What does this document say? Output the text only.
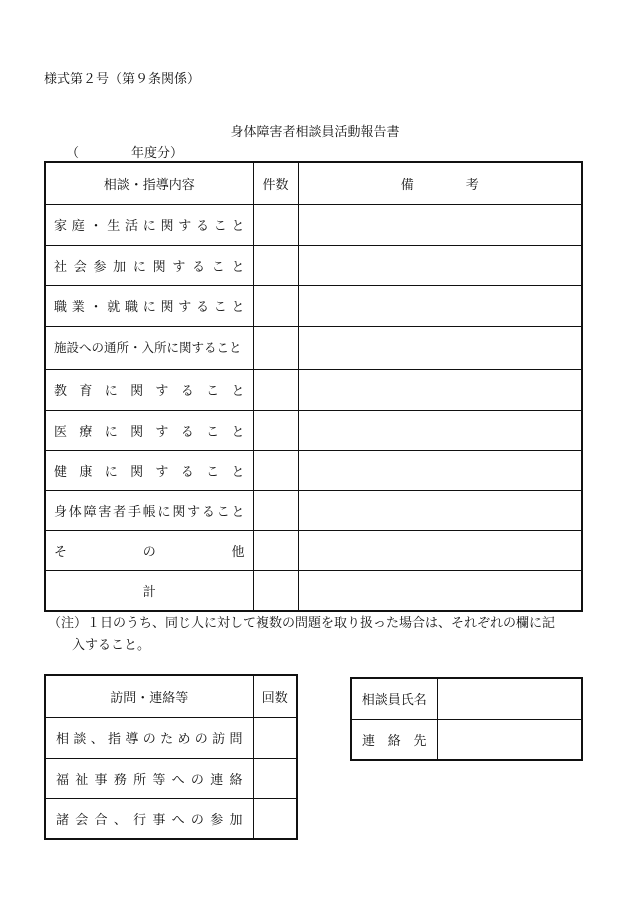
様式第２号（第９条関係）
身体障害者相談員活動報告書
（	年度分）
相談・指導内容	件数	備　　　　考
家庭・生活に関すること		
社会参加に関すること		
職業・就職に関すること		
施設への通所・入所に関すること		
教育に関すること		
医療に関すること		
健康に関すること		
身体障害者手帳に関すること		
その他		
計		
（注）１日のうち、同じ人に対して複数の問題を取り扱った場合は、それぞれの欄に記
入すること。
訪問・連絡等	回数
相談、指導のための訪問	
福祉事務所等への連絡	
諸会合、行事への参加	
相談員氏名	
連絡先	
